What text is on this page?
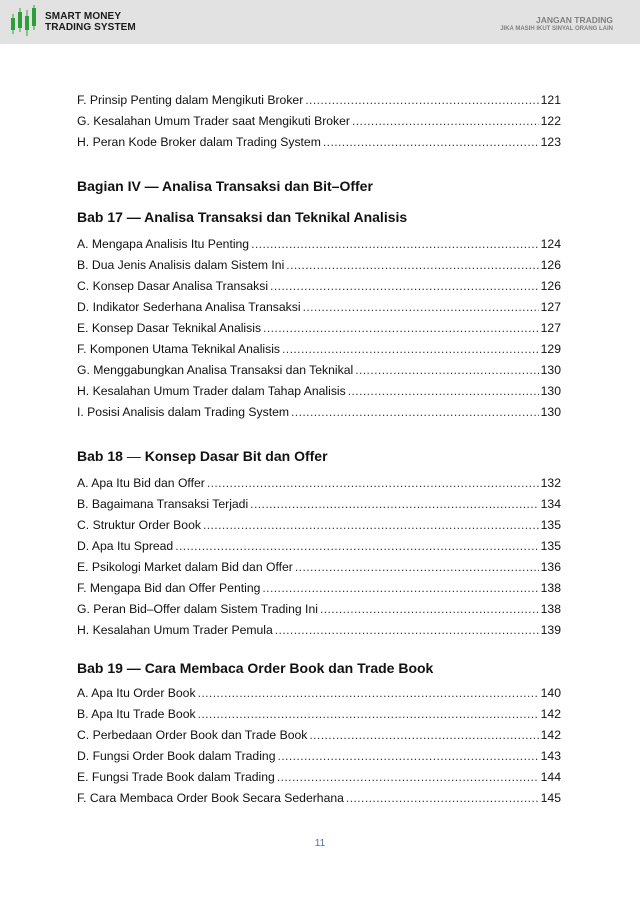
SMART MONEY
TRADING SYSTEM
JANGAN TRADING
JIKA MASIH IKUT SINYAL ORANG LAIN
F. Prinsip Penting dalam Mengikuti Broker .....	121
G. Kesalahan Umum Trader saat Mengikuti Broker .....	122
H. Peran Kode Broker dalam Trading System .....	123
Bagian IV — Analisa Transaksi dan Bit–Offer
Bab 17 — Analisa Transaksi dan Teknikal Analisis
A. Mengapa Analisis Itu Penting .....	124
B. Dua Jenis Analisis dalam Sistem Ini .....	126
C. Konsep Dasar Analisa Transaksi .....	126
D. Indikator Sederhana Analisa Transaksi .....	127
E. Konsep Dasar Teknikal Analisis .....	127
F. Komponen Utama Teknikal Analisis .....	129
G. Menggabungkan Analisa Transaksi dan Teknikal .....	130
H. Kesalahan Umum Trader dalam Tahap Analisis .....	130
I. Posisi Analisis dalam Trading System .....	130
Bab 18 — Konsep Dasar Bit dan Offer
A. Apa Itu Bid dan Offer .....	132
B. Bagaimana Transaksi Terjadi .....	134
C. Struktur Order Book .....	135
D. Apa Itu Spread .....	135
E. Psikologi Market dalam Bid dan Offer .....	136
F. Mengapa Bid dan Offer Penting .....	138
G. Peran Bid–Offer dalam Sistem Trading Ini .....	138
H. Kesalahan Umum Trader Pemula .....	139
Bab 19 — Cara Membaca Order Book dan Trade Book
A. Apa Itu Order Book .....	140
B. Apa Itu Trade Book .....	142
C. Perbedaan Order Book dan Trade Book .....	142
D. Fungsi Order Book dalam Trading .....	143
E. Fungsi Trade Book dalam Trading .....	144
F. Cara Membaca Order Book Secara Sederhana .....	145
11
